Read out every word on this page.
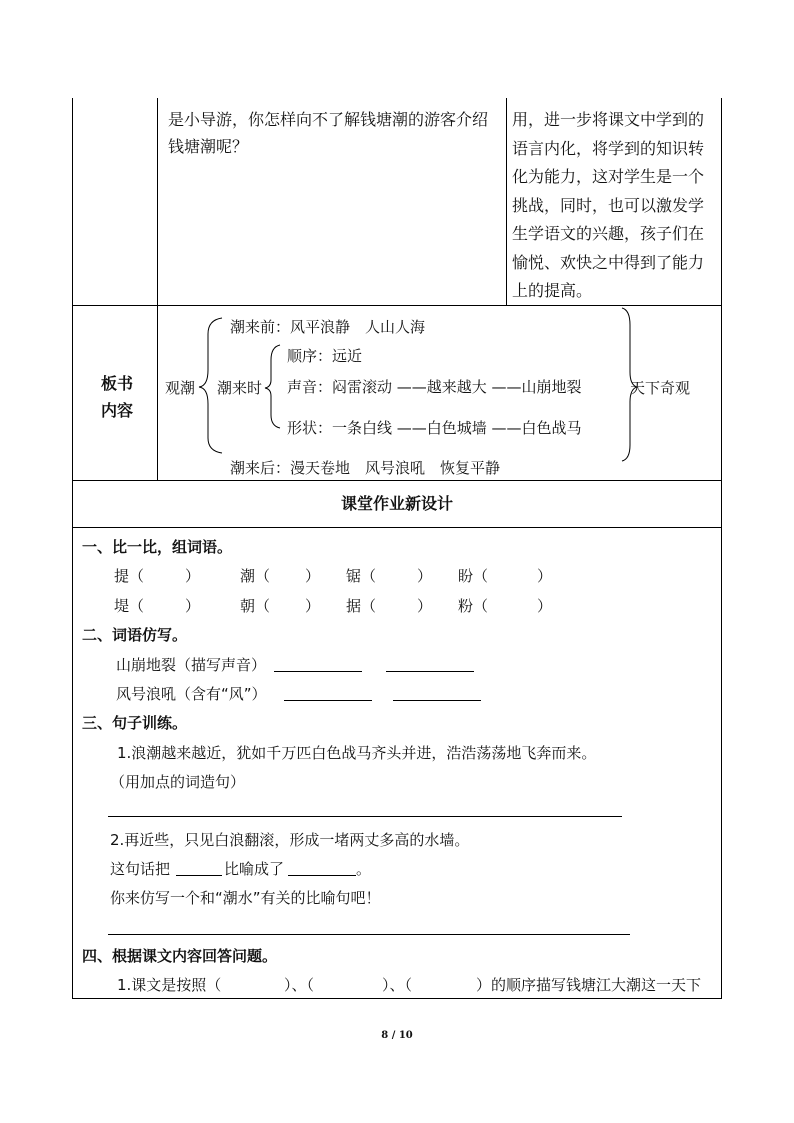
是小导游，你怎样向不了解钱塘潮的游客介绍
钱塘潮呢？
用，进一步将课文中学到的
语言内化，将学到的知识转
化为能力，这对学生是一个
挑战，同时，也可以激发学
生学语文的兴趣，孩子们在
愉悦、欢快之中得到了能力
上的提高。
板书
内容
观潮
潮来前：风平浪静　人山人海
潮来时
顺序：远近
声音：闷雷滚动 ——越来越大 ——山崩地裂
形状：一条白线 ——白色城墙 ——白色战马
天下奇观
潮来后：漫天卷地　风号浪吼　恢复平静
课堂作业新设计
一、比一比，组词语。
提（	）	潮（ ） 锯（	） 盼（	）
堤（	）	朝（ ） 据（	） 粉（	）
二、词语仿写。
山崩地裂（描写声音）
风号浪吼（含有“风”）
三、句子训练。
1.浪潮越来越近，犹如千万匹白色战马齐头并进，浩浩荡荡地飞奔而来。
（用加点的词造句）
2.再近些，只见白浪翻滚，形成一堵两丈多高的水墙。
这句话把	比喻成了	。
你来仿写一个和“潮水”有关的比喻句吧！
四、根据课文内容回答问题。
1.课文是按照（	）、（	）、（	）的顺序描写钱塘江大潮这一天下
8 / 10
